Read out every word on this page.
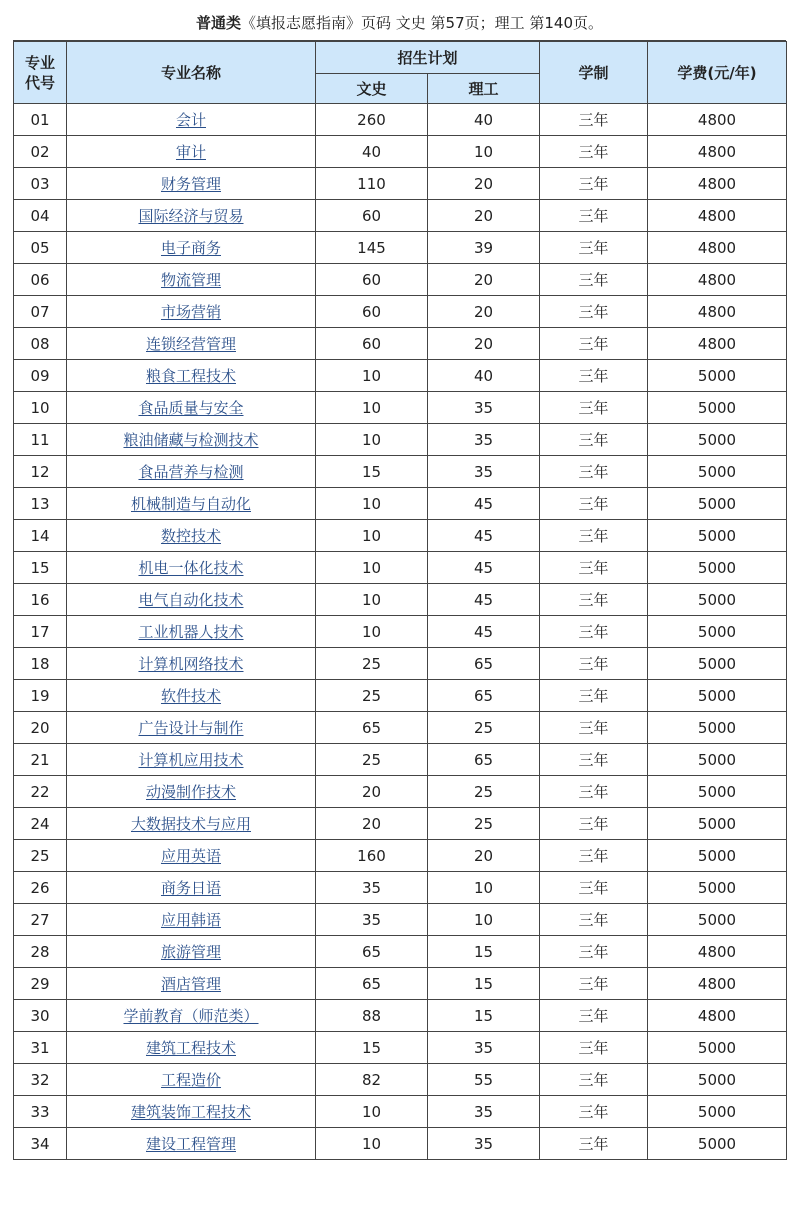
普通类《填报志愿指南》页码 文史 第57页；理工 第140页。
专业代号	专业名称	招生计划		学制	学费(元/年)
		文史	理工		
01	会计	260	40	三年	4800
02	审计	40	10	三年	4800
03	财务管理	110	20	三年	4800
04	国际经济与贸易	60	20	三年	4800
05	电子商务	145	39	三年	4800
06	物流管理	60	20	三年	4800
07	市场营销	60	20	三年	4800
08	连锁经营管理	60	20	三年	4800
09	粮食工程技术	10	40	三年	5000
10	食品质量与安全	10	35	三年	5000
11	粮油储藏与检测技术	10	35	三年	5000
12	食品营养与检测	15	35	三年	5000
13	机械制造与自动化	10	45	三年	5000
14	数控技术	10	45	三年	5000
15	机电一体化技术	10	45	三年	5000
16	电气自动化技术	10	45	三年	5000
17	工业机器人技术	10	45	三年	5000
18	计算机网络技术	25	65	三年	5000
19	软件技术	25	65	三年	5000
20	广告设计与制作	65	25	三年	5000
21	计算机应用技术	25	65	三年	5000
22	动漫制作技术	20	25	三年	5000
24	大数据技术与应用	20	25	三年	5000
25	应用英语	160	20	三年	5000
26	商务日语	35	10	三年	5000
27	应用韩语	35	10	三年	5000
28	旅游管理	65	15	三年	4800
29	酒店管理	65	15	三年	4800
30	学前教育（师范类）	88	15	三年	4800
31	建筑工程技术	15	35	三年	5000
32	工程造价	82	55	三年	5000
33	建筑装饰工程技术	10	35	三年	5000
34	建设工程管理	10	35	三年	5000
